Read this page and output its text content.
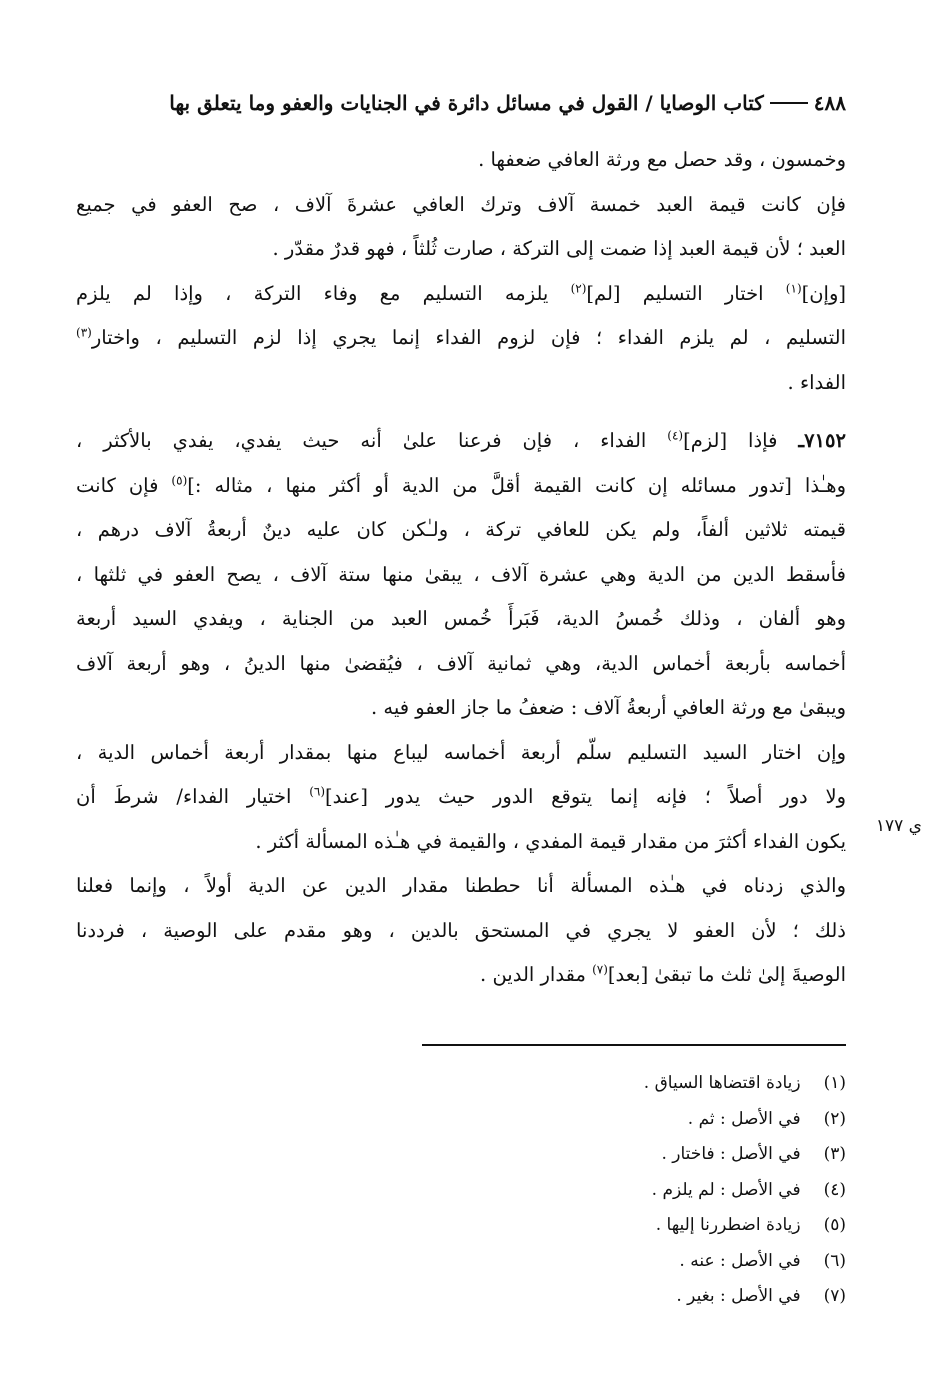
٤٨٨
كتاب الوصايا / القول في مسائل دائرة في الجنايات والعفو وما يتعلق بها
ي ١٧٧
وخمسون ، وقد حصل مع ورثة العافي ضعفها .
فإن كانت قيمة العبد خمسة آلاف وترك العافي عشرةَ آلاف ، صح العفو في جميع
العبد ؛ لأن قيمة العبد إذا ضمت إلى التركة ، صارت ثُلثاً ، فهو قدرٌ مقدّر .
[وإن]$^{(١)}$ اختار التسليم [لم]$^{(٢)}$ يلزمه التسليم مع وفاء التركة ، وإذا لم يلزم
التسليم ، لم يلزم الفداء ؛ فإن لزوم الفداء إنما يجري إذا لزم التسليم ، واختار$^{(٣)}$
الفداء .
٧١٥٢ـ فإذا [لزم]$^{(٤)}$ الفداء ، فإن فرعنا علىٰ أنه حيث يفدي، يفدي بالأكثر ،
وهـٰذا [تدور مسائله إن كانت القيمة أقلَّ من الدية أو أكثر منها ، مثاله :]$^{(٥)}$ فإن كانت
قيمته ثلاثين ألفاً، ولم يكن للعافي تركة ، ولـٰكن كان عليه دينٌ أربعةُ آلاف درهم ،
فأسقط الدين من الدية وهي عشرة آلاف ، يبقىٰ منها ستة آلاف ، يصح العفو في ثلثها ،
وهو ألفان ، وذلك خُمسُ الدية، فَبَرأَ خُمس العبد من الجناية ، ويفدي السيد أربعة
أخماسه بأربعة أخماس الدية، وهي ثمانية آلاف ، فيُقضىٰ منها الدينُ ، وهو أربعة آلاف
ويبقىٰ مع ورثة العافي أربعةُ آلاف : ضعفُ ما جاز العفو فيه .
وإن اختار السيد التسليم سلّم أربعة أخماسه ليباع منها بمقدار أربعة أخماس الدية ،
ولا دور أصلاً ؛ فإنه إنما يتوقع الدور حيث يدور [عند]$^{(٦)}$ اختيار الفداء/ شرطَ أن
يكون الفداء أكثرَ من مقدار قيمة المفدي ، والقيمة في هـٰذه المسألة أكثر .
والذي زدناه في هـٰذه المسألة أنا حططنا مقدار الدين عن الدية أولاً ، وإنما فعلنا
ذلك ؛ لأن العفو لا يجري في المستحق بالدين ، وهو مقدم على الوصية ، فرددنا
الوصيةَ إلىٰ ثلث ما تبقىٰ [بعد]$^{(٧)}$ مقدار الدين .
(١) زيادة اقتضاها السياق .
(٢) في الأصل : ثم .
(٣) في الأصل : فاختار .
(٤) في الأصل : لم يلزم .
(٥) زيادة اضطررنا إليها .
(٦) في الأصل : عنه .
(٧) في الأصل : بغير .
